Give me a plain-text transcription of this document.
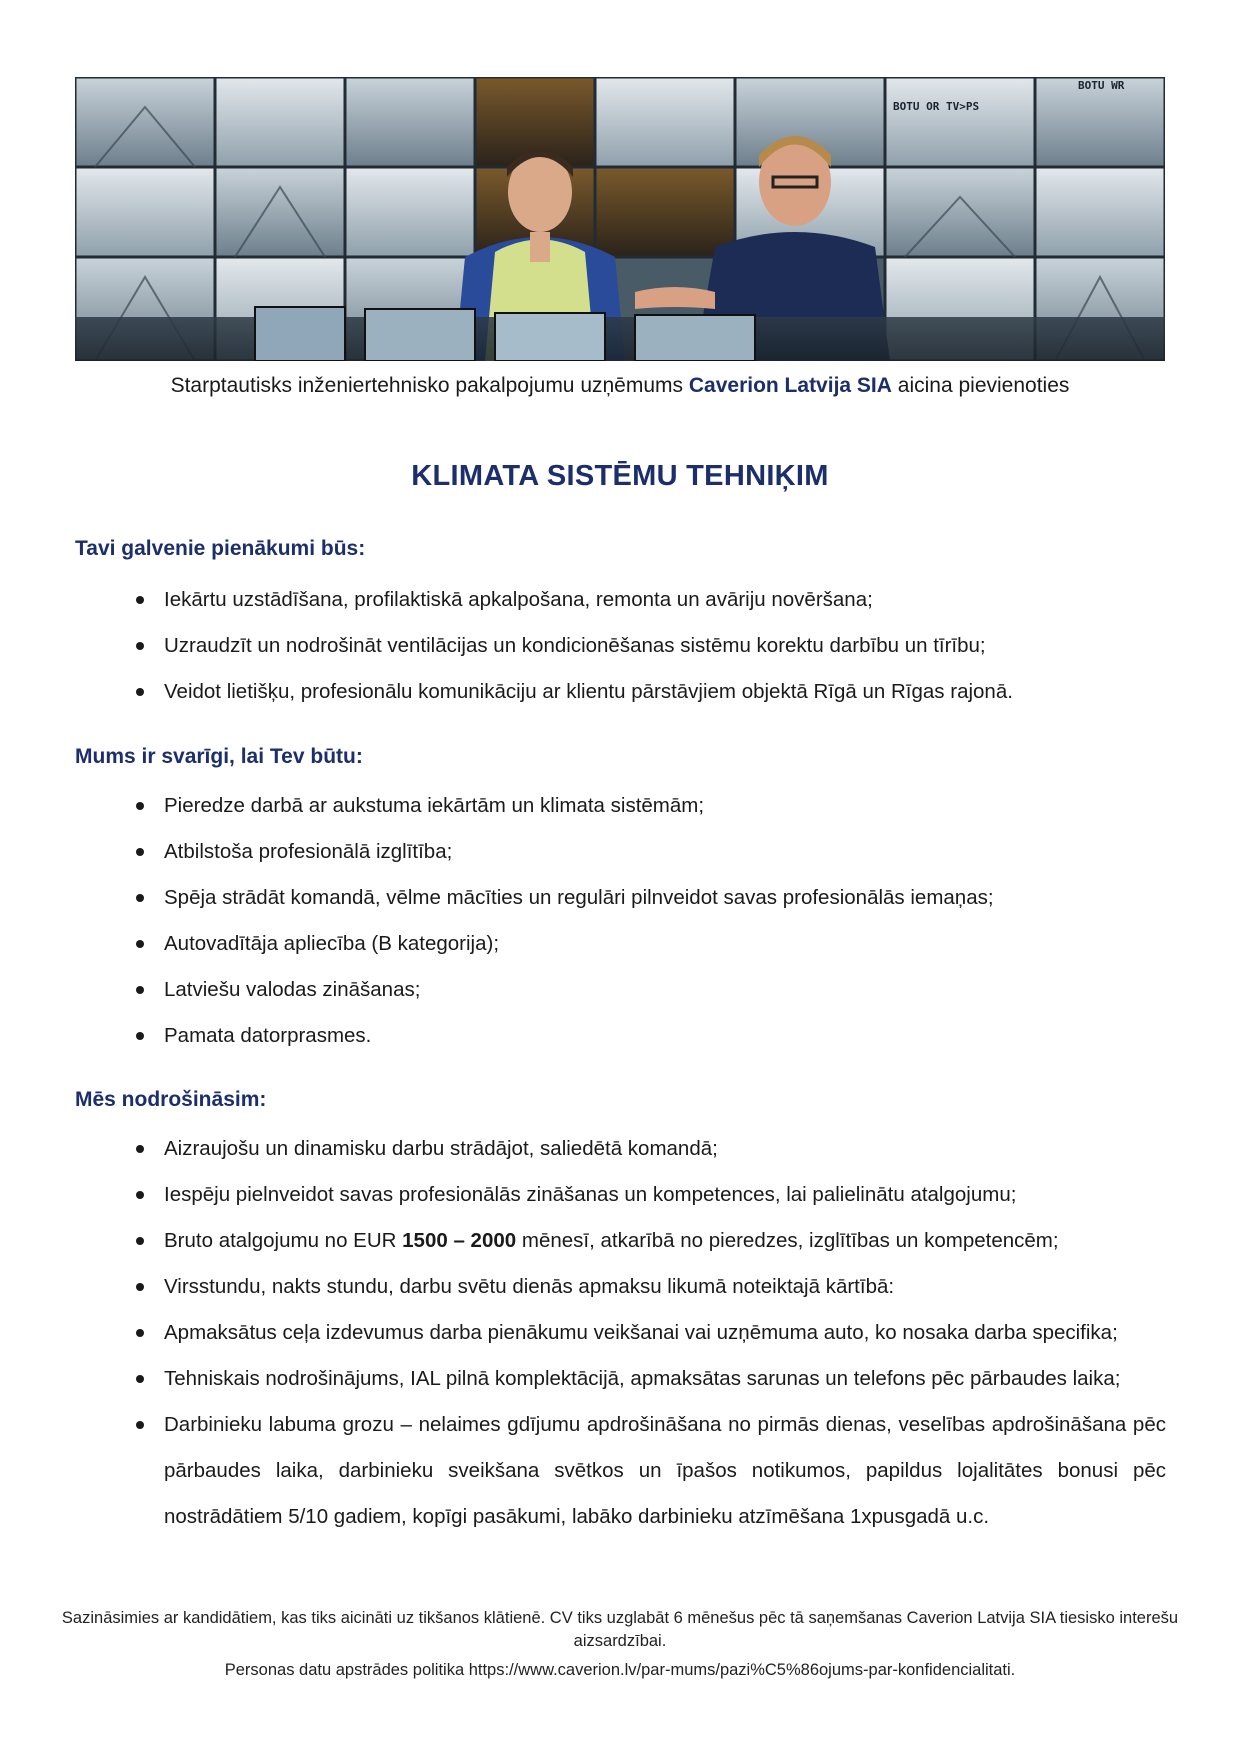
BOTU OR TV>PS
BOTU WR
Starptautisks inženiertehnisko pakalpojumu uzņēmums Caverion Latvija SIA aicina pievienoties
KLIMATA SISTĒMU TEHNIĶIM
Tavi galvenie pienākumi būs:
Iekārtu uzstādīšana, profilaktiskā apkalpošana, remonta un avāriju novēršana;
Uzraudzīt un nodrošināt ventilācijas un kondicionēšanas sistēmu korektu darbību un tīrību;
Veidot lietišķu, profesionālu komunikāciju ar klientu pārstāvjiem objektā Rīgā un Rīgas rajonā.
Mums ir svarīgi, lai Tev būtu:
Pieredze darbā ar aukstuma iekārtām un klimata sistēmām;
Atbilstoša profesionālā izglītība;
Spēja strādāt komandā, vēlme mācīties un regulāri pilnveidot savas profesionālās iemaņas;
Autovadītāja apliecība (B kategorija);
Latviešu valodas zināšanas;
Pamata datorprasmes.
Mēs nodrošināsim:
Aizraujošu un dinamisku darbu strādājot, saliedētā komandā;
Iespēju pielnveidot savas profesionālās zināšanas un kompetences, lai palielinātu atalgojumu;
Bruto atalgojumu no EUR 1500 – 2000 mēnesī, atkarībā no pieredzes, izglītības un kompetencēm;
Virsstundu, nakts stundu, darbu svētu dienās apmaksu likumā noteiktajā kārtībā:
Apmaksātus ceļa izdevumus darba pienākumu veikšanai vai uzņēmuma auto, ko nosaka darba specifika;
Tehniskais nodrošinājums, IAL pilnā komplektācijā, apmaksātas sarunas un telefons pēc pārbaudes laika;
Darbinieku labuma grozu – nelaimes gdījumu apdrošināšana no pirmās dienas, veselības apdrošināšana pēc pārbaudes laika, darbinieku sveikšana svētkos un īpašos notikumos, papildus lojalitātes bonusi pēc nostrādātiem 5/10 gadiem, kopīgi pasākumi, labāko darbinieku atzīmēšana 1xpusgadā u.c.
Sazināsimies ar kandidātiem, kas tiks aicināti uz tikšanos klātienē. CV tiks uzglabāt 6 mēnešus pēc tā saņemšanas Caverion Latvija SIA tiesisko interešu aizsardzībai.
Personas datu apstrādes politika https://www.caverion.lv/par-mums/pazi%C5%86ojums-par-konfidencialitati.
